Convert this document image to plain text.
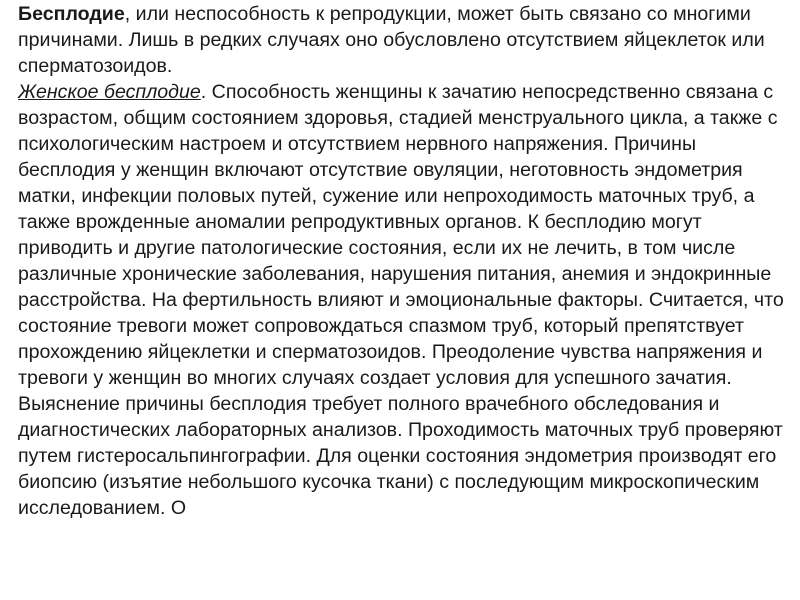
Бесплодие, или неспособность к репродукции, может быть связано со многими причинами. Лишь в редких случаях оно обусловлено отсутствием яйцеклеток или сперматозоидов.

Женское бесплодие. Способность женщины к зачатию непосредственно связана с возрастом, общим состоянием здоровья, стадией менструального цикла, а также с психологическим настроем и отсутствием нервного напряжения. Причины бесплодия у женщин включают отсутствие овуляции, неготовность эндометрия матки, инфекции половых путей, сужение или непроходимость маточных труб, а также врожденные аномалии репродуктивных органов. К бесплодию могут приводить и другие патологические состояния, если их не лечить, в том числе различные хронические заболевания, нарушения питания, анемия и эндокринные расстройства. На фертильность влияют и эмоциональные факторы. Считается, что состояние тревоги может сопровождаться спазмом труб, который препятствует прохождению яйцеклетки и сперматозоидов. Преодоление чувства напряжения и тревоги у женщин во многих случаях создает условия для успешного зачатия.

Выяснение причины бесплодия требует полного врачебного обследования и диагностических лабораторных анализов. Проходимость маточных труб проверяют путем гистеросальпингографии. Для оценки состояния эндометрия производят его биопсию (изъятие небольшого кусочка ткани) с последующим микроскопическим исследованием. О
